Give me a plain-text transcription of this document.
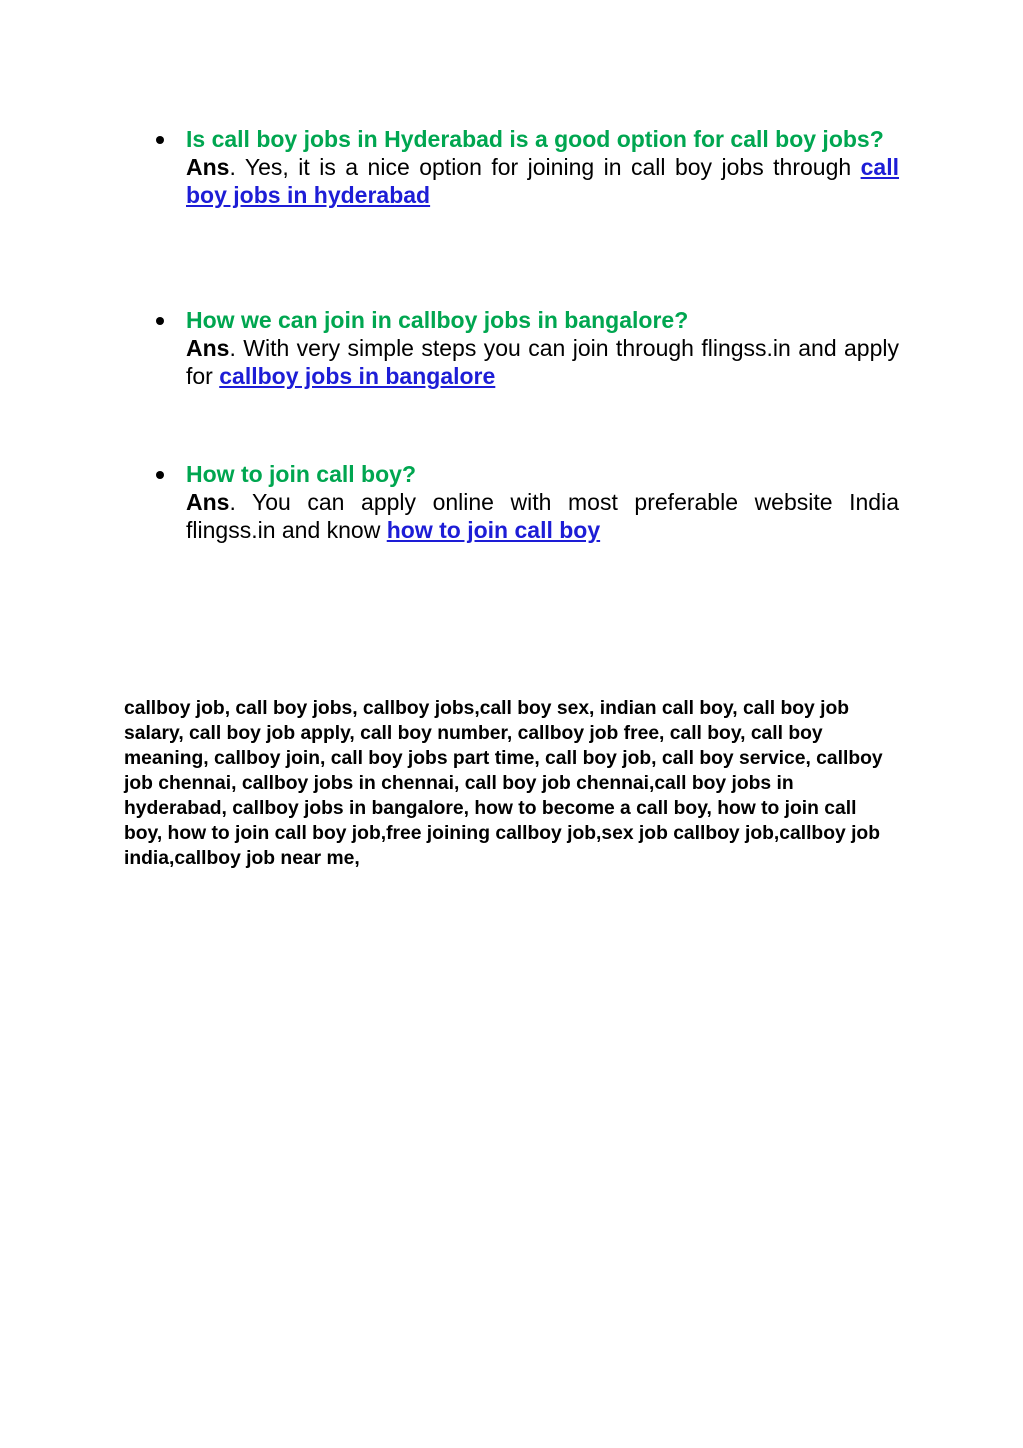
Is call boy jobs in Hyderabad is a good option for call boy jobs?

Ans. Yes, it is a nice option for joining in call boy jobs through call boy jobs in hyderabad

How we can join in callboy jobs in bangalore?

Ans. With very simple steps you can join through flingss.in and apply for callboy jobs in bangalore

How to join call boy?

Ans. You can apply online with most preferable website India flingss.in and know how to join call boy

callboy job, call boy jobs, callboy jobs,call boy sex, indian call boy, call boy job salary, call boy job apply, call boy number, callboy job free, call boy, call boy meaning, callboy join, call boy jobs part time, call boy job, call boy service, callboy job chennai, callboy jobs in chennai, call boy job chennai,call boy jobs in hyderabad, callboy jobs in bangalore, how to become a call boy, how to join call boy, how to join call boy job,free joining callboy job,sex job callboy job,callboy job india,callboy job near me,
